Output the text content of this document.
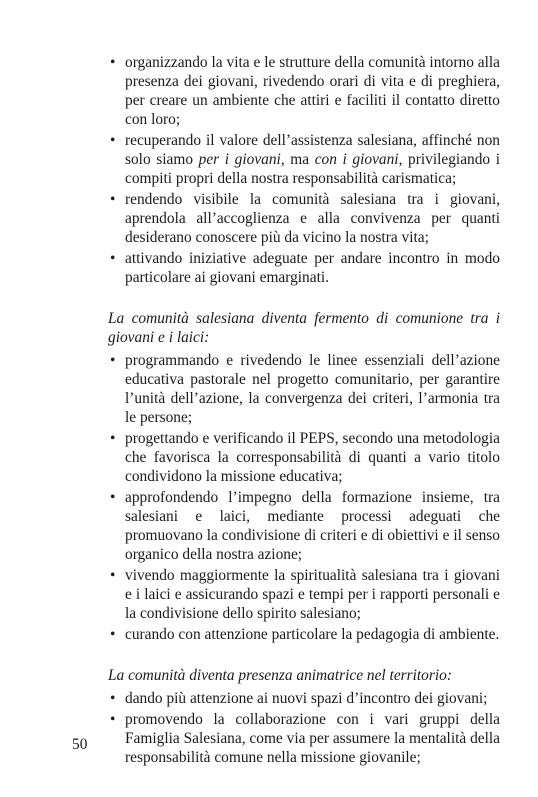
• organizzando la vita e le strutture della comunità intorno alla presenza dei giovani, rivedendo orari di vita e di preghiera, per creare un ambiente che attiri e faciliti il contatto diretto con loro;
• recuperando il valore dell’assistenza salesiana, affinché non solo siamo per i giovani, ma con i giovani, privilegiando i compiti propri della nostra responsabilità carismatica;
• rendendo visibile la comunità salesiana tra i giovani, aprendola all’accoglienza e alla convivenza per quanti desiderano conoscere più da vicino la nostra vita;
• attivando iniziative adeguate per andare incontro in modo particolare ai giovani emarginati.
La comunità salesiana diventa fermento di comunione tra i giovani e i laici:
• programmando e rivedendo le linee essenziali dell’azione educativa pastorale nel progetto comunitario, per garantire l’unità dell’azione, la convergenza dei criteri, l’armonia tra le persone;
• progettando e verificando il PEPS, secondo una metodologia che favorisca la corresponsabilità di quanti a vario titolo condividono la missione educativa;
• approfondendo l’impegno della formazione insieme, tra salesiani e laici, mediante processi adeguati che promuovano la condivisione di criteri e di obiettivi e il senso organico della nostra azione;
• vivendo maggiormente la spiritualità salesiana tra i giovani e i laici e assicurando spazi e tempi per i rapporti personali e la condivisione dello spirito salesiano;
• curando con attenzione particolare la pedagogia di ambiente.
La comunità diventa presenza animatrice nel territorio:
• dando più attenzione ai nuovi spazi d’incontro dei giovani;
• promovendo la collaborazione con i vari gruppi della Famiglia Salesiana, come via per assumere la mentalità della responsabilità comune nella missione giovanile;
50
